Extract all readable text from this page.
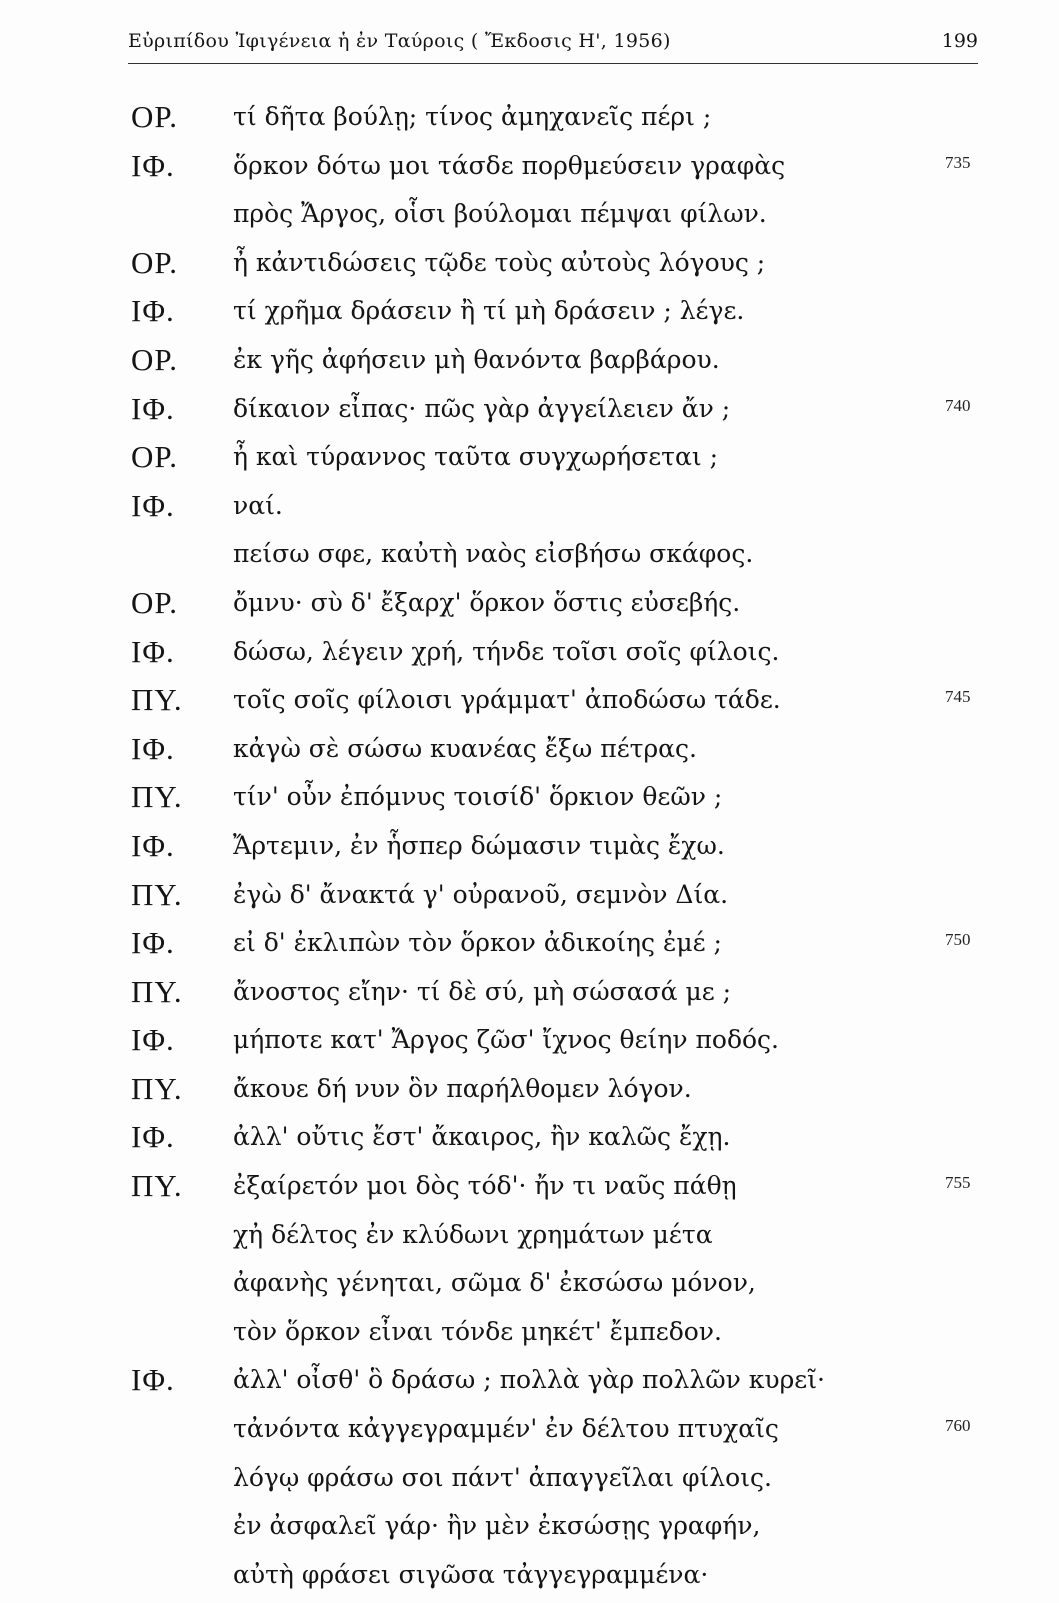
Εὐριπίδου Ἰφιγένεια ἡ ἐν Ταύροις ( Ἔκδοσις Η', 1956)	199
ΟΡ. τί δῆτα βούλῃ; τίνος ἀμηχανεῖς πέρι ;
ΙΦ. ὅρκον δότω μοι τάσδε πορθμεύσειν γραφὰς	735
πρὸς Ἄργος, οἷσι βούλομαι πέμψαι φίλων.
ΟΡ. ἦ κἀντιδώσεις τῷδε τοὺς αὐτοὺς λόγους ;
ΙΦ. τί χρῆμα δράσειν ἢ τί μὴ δράσειν ; λέγε.
ΟΡ. ἐκ γῆς ἀφήσειν μὴ θανόντα βαρβάρου.
ΙΦ. δίκαιον εἶπας· πῶς γὰρ ἀγγείλειεν ἄν ;	740
ΟΡ. ἦ καὶ τύραννος ταῦτα συγχωρήσεται ;
ΙΦ. ναί.
πείσω σφε, καὐτὴ ναὸς εἰσβήσω σκάφος.
ΟΡ. ὄμνυ· σὺ δ' ἔξαρχ' ὅρκον ὅστις εὐσεβής.
ΙΦ. δώσω, λέγειν χρή, τήνδε τοῖσι σοῖς φίλοις.
ΠΥ. τοῖς σοῖς φίλοισι γράμματ' ἀποδώσω τάδε.	745
ΙΦ. κἀγὼ σὲ σώσω κυανέας ἔξω πέτρας.
ΠΥ. τίν' οὖν ἐπόμνυς τοισίδ' ὅρκιον θεῶν ;
ΙΦ. Ἄρτεμιν, ἐν ἧσπερ δώμασιν τιμὰς ἔχω.
ΠΥ. ἐγὼ δ' ἄνακτά γ' οὐρανοῦ, σεμνὸν Δία.
ΙΦ. εἰ δ' ἐκλιπὼν τὸν ὅρκον ἀδικοίης ἐμέ ;	750
ΠΥ. ἄνοστος εἴην· τί δὲ σύ, μὴ σώσασά με ;
ΙΦ. μήποτε κατ' Ἄργος ζῶσ' ἴχνος θείην ποδός.
ΠΥ. ἄκουε δή νυν ὃν παρήλθομεν λόγον.
ΙΦ. ἀλλ' οὔτις ἔστ' ἄκαιρος, ἢν καλῶς ἔχῃ.
ΠΥ. ἐξαίρετόν μοι δὸς τόδ'· ἤν τι ναῦς πάθῃ	755
χἠ δέλτος ἐν κλύδωνι χρημάτων μέτα
ἀφανὴς γένηται, σῶμα δ' ἐκσώσω μόνον,
τὸν ὅρκον εἶναι τόνδε μηκέτ' ἔμπεδον.
ΙΦ. ἀλλ' οἶσθ' ὃ δράσω ; πολλὰ γὰρ πολλῶν κυρεῖ·
τἀνόντα κἀγγεγραμμέν' ἐν δέλτου πτυχαῖς	760
λόγῳ φράσω σοι πάντ' ἀπαγγεῖλαι φίλοις.
ἐν ἀσφαλεῖ γάρ· ἢν μὲν ἐκσώσῃς γραφήν,
αὐτὴ φράσει σιγῶσα τἀγγεγραμμένα·
